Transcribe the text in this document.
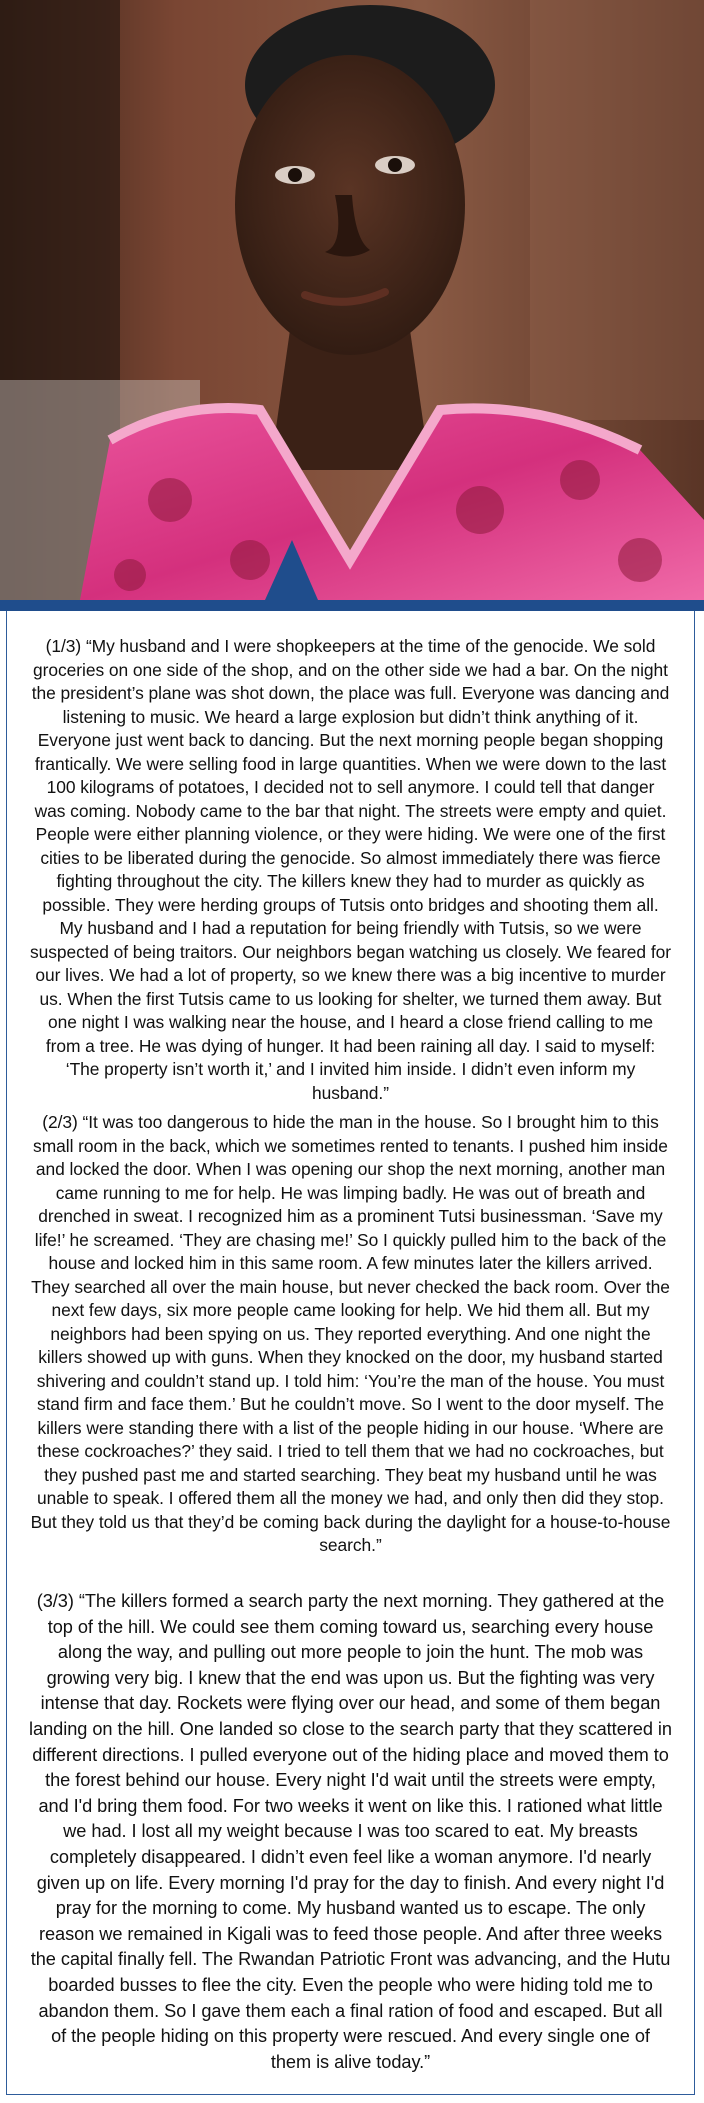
(1/3) “My husband and I were shopkeepers at the time of the genocide. We sold groceries on one side of the shop, and on the other side we had a bar. On the night the president’s plane was shot down, the place was full. Everyone was dancing and listening to music. We heard a large explosion but didn’t think anything of it. Everyone just went back to dancing. But the next morning people began shopping frantically. We were selling food in large quantities. When we were down to the last 100 kilograms of potatoes, I decided not to sell anymore. I could tell that danger was coming. Nobody came to the bar that night. The streets were empty and quiet. People were either planning violence, or they were hiding. We were one of the first cities to be liberated during the genocide. So almost immediately there was fierce fighting throughout the city. The killers knew they had to murder as quickly as possible. They were herding groups of Tutsis onto bridges and shooting them all. My husband and I had a reputation for being friendly with Tutsis, so we were suspected of being traitors. Our neighbors began watching us closely. We feared for our lives. We had a lot of property, so we knew there was a big incentive to murder us. When the first Tutsis came to us looking for shelter, we turned them away. But one night I was walking near the house, and I heard a close friend calling to me from a tree. He was dying of hunger. It had been raining all day. I said to myself: ‘The property isn’t worth it,’ and I invited him inside. I didn’t even inform my husband.”

(2/3) “It was too dangerous to hide the man in the house. So I brought him to this small room in the back, which we sometimes rented to tenants. I pushed him inside and locked the door. When I was opening our shop the next morning, another man came running to me for help. He was limping badly. He was out of breath and drenched in sweat. I recognized him as a prominent Tutsi businessman. ‘Save my life!’ he screamed. ‘They are chasing me!’ So I quickly pulled him to the back of the house and locked him in this same room. A few minutes later the killers arrived. They searched all over the main house, but never checked the back room. Over the next few days, six more people came looking for help. We hid them all. But my neighbors had been spying on us. They reported everything. And one night the killers showed up with guns. When they knocked on the door, my husband started shivering and couldn’t stand up. I told him: ‘You’re the man of the house. You must stand firm and face them.’ But he couldn’t move. So I went to the door myself. The killers were standing there with a list of the people hiding in our house. ‘Where are these cockroaches?’ they said. I tried to tell them that we had no cockroaches, but they pushed past me and started searching. They beat my husband until he was unable to speak. I offered them all the money we had, and only then did they stop. But they told us that they’d be coming back during the daylight for a house-to-house search.”

(3/3) “The killers formed a search party the next morning. They gathered at the top of the hill. We could see them coming toward us, searching every house along the way, and pulling out more people to join the hunt. The mob was growing very big. I knew that the end was upon us. But the fighting was very intense that day. Rockets were flying over our head, and some of them began landing on the hill. One landed so close to the search party that they scattered in different directions. I pulled everyone out of the hiding place and moved them to the forest behind our house. Every night I'd wait until the streets were empty, and I'd bring them food. For two weeks it went on like this. I rationed what little we had. I lost all my weight because I was too scared to eat. My breasts completely disappeared. I didn’t even feel like a woman anymore. I'd nearly given up on life. Every morning I'd pray for the day to finish. And every night I'd pray for the morning to come. My husband wanted us to escape. The only reason we remained in Kigali was to feed those people. And after three weeks the capital finally fell. The Rwandan Patriotic Front was advancing, and the Hutu boarded busses to flee the city. Even the people who were hiding told me to abandon them. So I gave them each a final ration of food and escaped. But all of the people hiding on this property were rescued. And every single one of them is alive today.”
